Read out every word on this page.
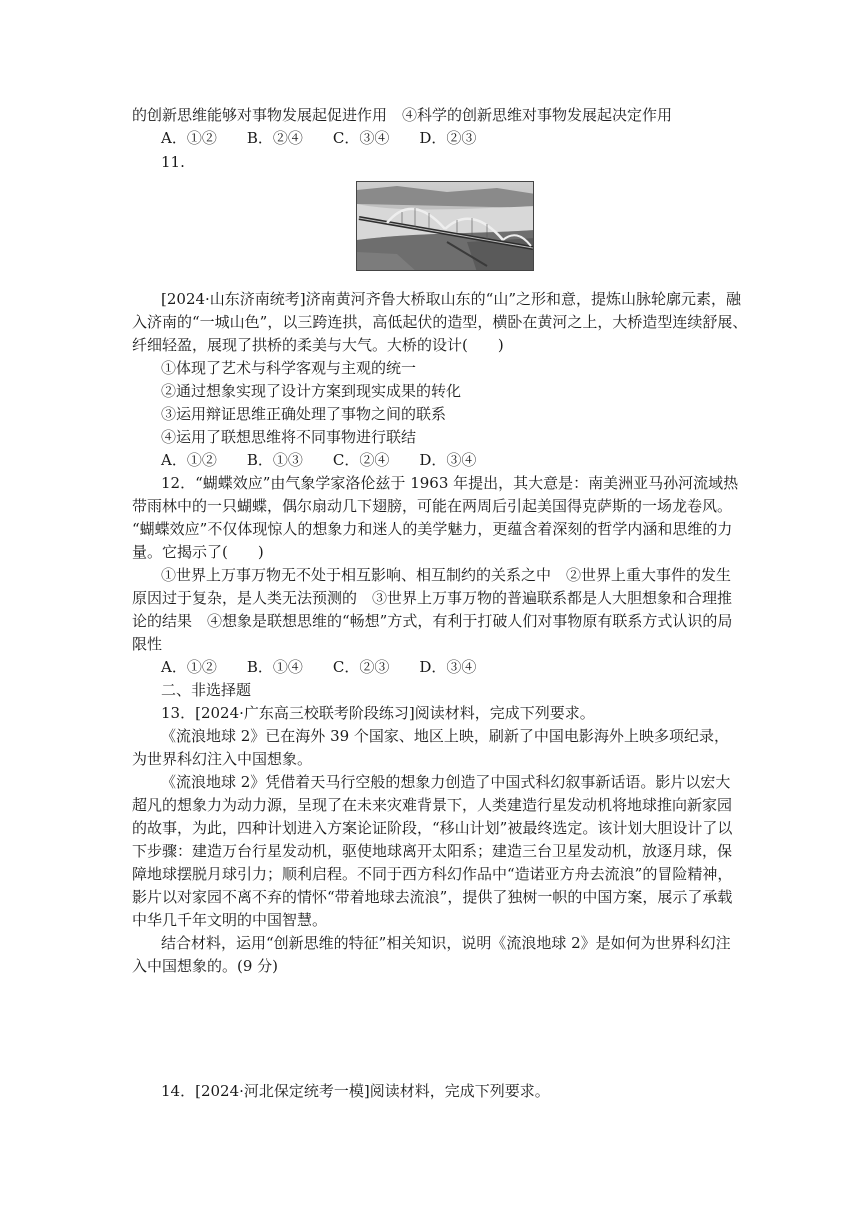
的创新思维能够对事物发展起促进作用　④科学的创新思维对事物发展起决定作用
A．①②　　B．②④　　C．③④　　D．②③
11.
[2024·山东济南统考]济南黄河齐鲁大桥取山东的“山”之形和意，提炼山脉轮廓元素，融
入济南的“一城山色”，以三跨连拱，高低起伏的造型，横卧在黄河之上，大桥造型连续舒展、
纤细轻盈，展现了拱桥的柔美与大气。大桥的设计(　　)
①体现了艺术与科学客观与主观的统一
②通过想象实现了设计方案到现实成果的转化
③运用辩证思维正确处理了事物之间的联系
④运用了联想思维将不同事物进行联结
A．①②　　B．①③　　C．②④　　D．③④
12．“蝴蝶效应”由气象学家洛伦兹于 1963 年提出，其大意是：南美洲亚马孙河流域热
带雨林中的一只蝴蝶，偶尔扇动几下翅膀，可能在两周后引起美国得克萨斯的一场龙卷风。
“蝴蝶效应”不仅体现惊人的想象力和迷人的美学魅力，更蕴含着深刻的哲学内涵和思维的力
量。它揭示了(　　)
①世界上万事万物无不处于相互影响、相互制约的关系之中　②世界上重大事件的发生
原因过于复杂，是人类无法预测的　③世界上万事万物的普遍联系都是人大胆想象和合理推
论的结果　④想象是联想思维的“畅想”方式，有利于打破人们对事物原有联系方式认识的局
限性
A．①②　　B．①④　　C．②③　　D．③④
二、非选择题
13．[2024·广东高三校联考阶段练习]阅读材料，完成下列要求。
《流浪地球 2》已在海外 39 个国家、地区上映，刷新了中国电影海外上映多项纪录，
为世界科幻注入中国想象。
《流浪地球 2》凭借着天马行空般的想象力创造了中国式科幻叙事新话语。影片以宏大
超凡的想象力为动力源，呈现了在未来灾难背景下，人类建造行星发动机将地球推向新家园
的故事，为此，四种计划进入方案论证阶段，“移山计划”被最终选定。该计划大胆设计了以
下步骤：建造万台行星发动机，驱使地球离开太阳系；建造三台卫星发动机，放逐月球，保
障地球摆脱月球引力；顺利启程。不同于西方科幻作品中“造诺亚方舟去流浪”的冒险精神，
影片以对家园不离不弃的情怀“带着地球去流浪”，提供了独树一帜的中国方案，展示了承载
中华几千年文明的中国智慧。
结合材料，运用“创新思维的特征”相关知识，说明《流浪地球 2》是如何为世界科幻注
入中国想象的。(9 分)
14．[2024·河北保定统考一模]阅读材料，完成下列要求。
